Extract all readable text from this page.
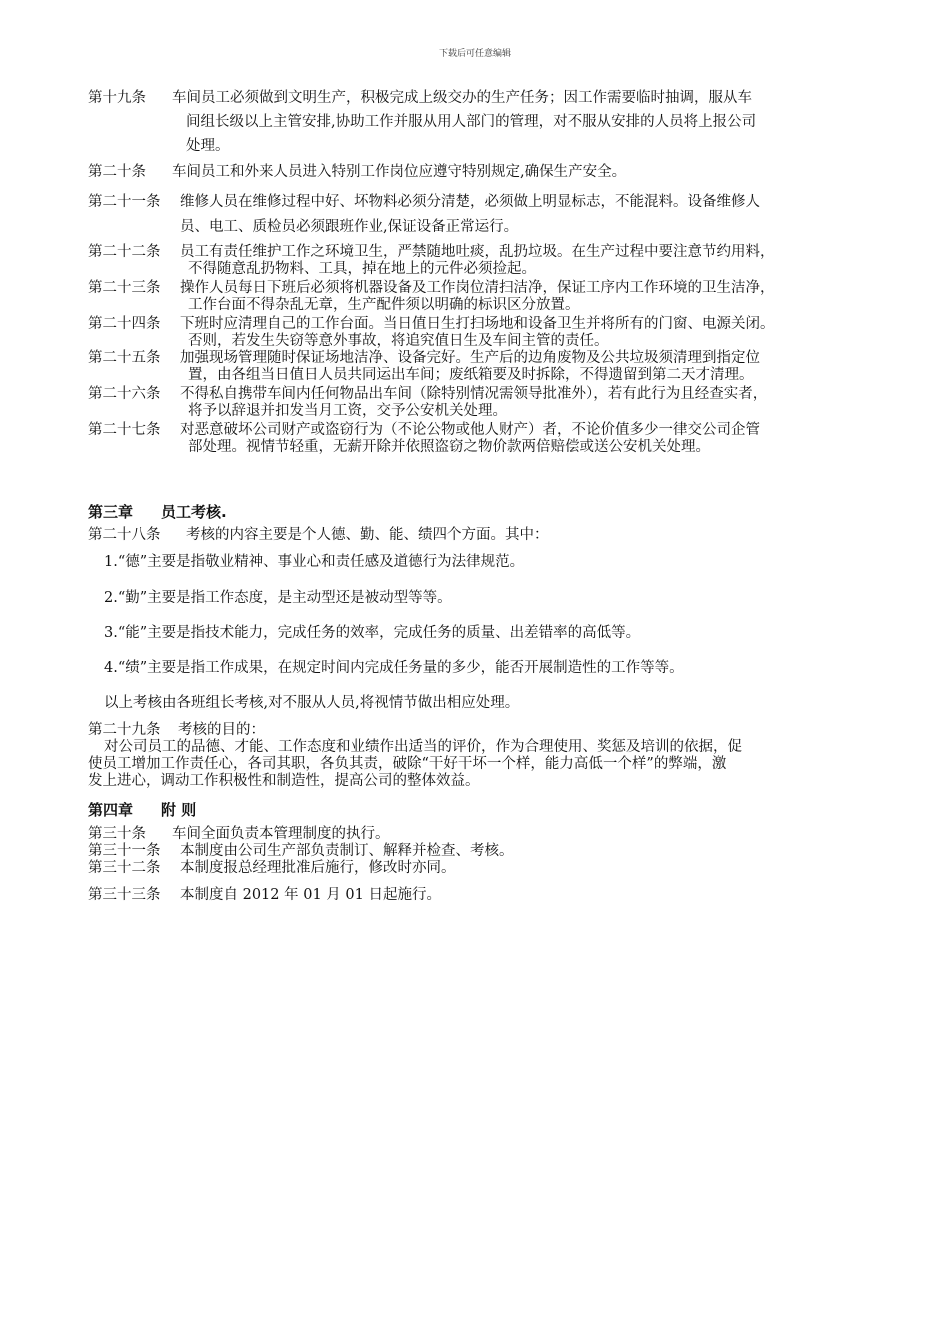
下载后可任意编辑
第十九条 车间员工必须做到文明生产，积极完成上级交办的生产任务；因工作需要临时抽调，服从车
间组长级以上主管安排,协助工作并服从用人部门的管理，对不服从安排的人员将上报公司
处理。
第二十条 车间员工和外来人员进入特别工作岗位应遵守特别规定,确保生产安全。
第二十一条 维修人员在维修过程中好、坏物料必须分清楚，必须做上明显标志，不能混料。设备维修人
员、电工、质检员必须跟班作业,保证设备正常运行。
第二十二条 员工有责任维护工作之环境卫生，严禁随地吐痰，乱扔垃圾。在生产过程中要注意节约用料，
不得随意乱扔物料、工具，掉在地上的元件必须捡起。
第二十三条 操作人员每日下班后必须将机器设备及工作岗位清扫洁净，保证工序内工作环境的卫生洁净，
工作台面不得杂乱无章，生产配件须以明确的标识区分放置。
第二十四条 下班时应清理自己的工作台面。当日值日生打扫场地和设备卫生并将所有的门窗、电源关闭。
否则，若发生失窃等意外事故，将追究值日生及车间主管的责任。
第二十五条 加强现场管理随时保证场地洁净、设备完好。生产后的边角废物及公共垃圾须清理到指定位
置，由各组当日值日人员共同运出车间；废纸箱要及时拆除，不得遗留到第二天才清理。
第二十六条 不得私自携带车间内任何物品出车间（除特别情况需领导批准外），若有此行为且经查实者，
将予以辞退并扣发当月工资，交予公安机关处理。
第二十七条 对恶意破坏公司财产或盗窃行为（不论公物或他人财产）者，不论价值多少一律交公司企管
部处理。视情节轻重，无薪开除并依照盗窃之物价款两倍赔偿或送公安机关处理。
第三章 员工考核.
第二十八条 考核的内容主要是个人德、勤、能、绩四个方面。其中：
1.“德”主要是指敬业精神、事业心和责任感及道德行为法律规范。
2.“勤”主要是指工作态度，是主动型还是被动型等等。
3.“能”主要是指技术能力，完成任务的效率，完成任务的质量、出差错率的高低等。
4.“绩”主要是指工作成果，在规定时间内完成任务量的多少，能否开展制造性的工作等等。
以上考核由各班组长考核,对不服从人员,将视情节做出相应处理。
第二十九条 考核的目的：
对公司员工的品德、才能、工作态度和业绩作出适当的评价，作为合理使用、奖惩及培训的依据，促
使员工增加工作责任心，各司其职，各负其责，破除“干好干坏一个样，能力高低一个样”的弊端，激
发上进心，调动工作积极性和制造性，提高公司的整体效益。
第四章 附 则
第三十条 车间全面负责本管理制度的执行。
第三十一条 本制度由公司生产部负责制订、解释并检查、考核。
第三十二条 本制度报总经理批准后施行，修改时亦同。
第三十三条 本制度自 2012 年 01 月 01 日起施行。
